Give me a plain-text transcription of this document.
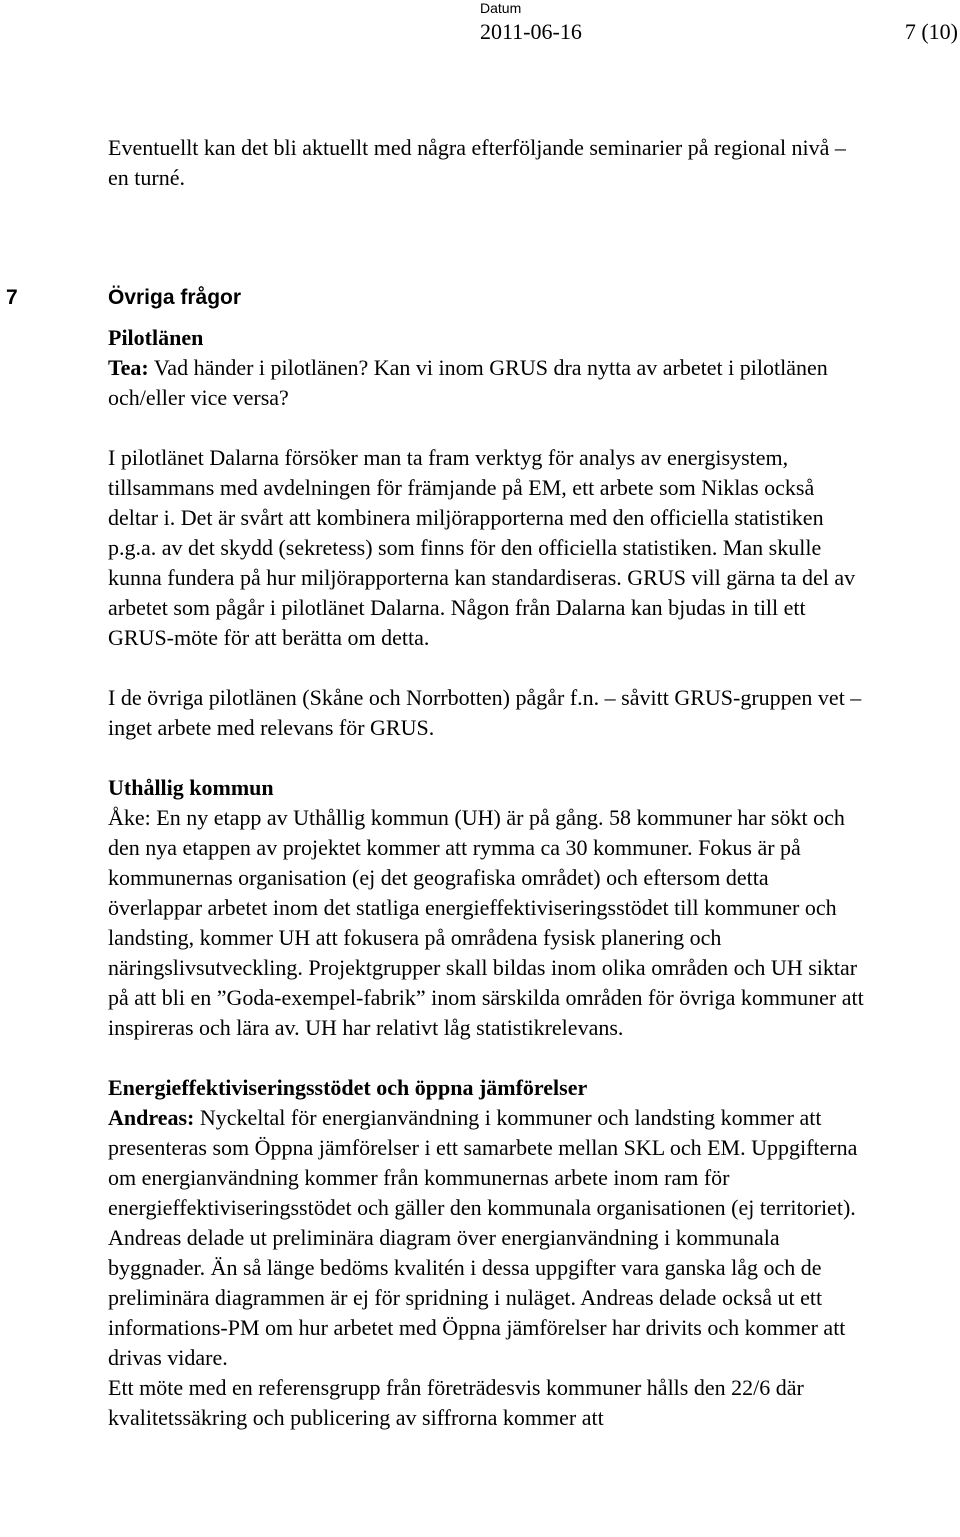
Datum
2011-06-16	7 (10)

Eventuellt kan det bli aktuellt med några efterföljande seminarier på regional nivå – en turné.

7	Övriga frågor

Pilotlänen

Tea: Vad händer i pilotlänen? Kan vi inom GRUS dra nytta av arbetet i pilotlänen och/eller vice versa?

I pilotlänet Dalarna försöker man ta fram verktyg för analys av energisystem, tillsammans med avdelningen för främjande på EM, ett arbete som Niklas också deltar i. Det är svårt att kombinera miljörapporterna med den officiella statistiken p.g.a. av det skydd (sekretess) som finns för den officiella statistiken. Man skulle kunna fundera på hur miljörapporterna kan standardiseras. GRUS vill gärna ta del av arbetet som pågår i pilotlänet Dalarna. Någon från Dalarna kan bjudas in till ett GRUS-möte för att berätta om detta.

I de övriga pilotlänen (Skåne och Norrbotten) pågår f.n. – såvitt GRUS-gruppen vet – inget arbete med relevans för GRUS.

Uthållig kommun

Åke: En ny etapp av Uthållig kommun (UH) är på gång. 58 kommuner har sökt och den nya etappen av projektet kommer att rymma ca 30 kommuner. Fokus är på kommunernas organisation (ej det geografiska området) och eftersom detta överlappar arbetet inom det statliga energieffektiviseringsstödet till kommuner och landsting, kommer UH att fokusera på områdena fysisk planering och näringslivsutveckling. Projektgrupper skall bildas inom olika områden och UH siktar på att bli en ”Goda-exempel-fabrik” inom särskilda områden för övriga kommuner att inspireras och lära av. UH har relativt låg statistikrelevans.

Energieffektiviseringsstödet och öppna jämförelser

Andreas: Nyckeltal för energianvändning i kommuner och landsting kommer att presenteras som Öppna jämförelser i ett samarbete mellan SKL och EM. Uppgifterna om energianvändning kommer från kommunernas arbete inom ram för energieffektiviseringsstödet och gäller den kommunala organisationen (ej territoriet). Andreas delade ut preliminära diagram över energianvändning i kommunala byggnader. Än så länge bedöms kvalitén i dessa uppgifter vara ganska låg och de preliminära diagrammen är ej för spridning i nuläget. Andreas delade också ut ett informations-PM om hur arbetet med Öppna jämförelser har drivits och kommer att drivas vidare.

Ett möte med en referensgrupp från företrädesvis kommuner hålls den 22/6 där kvalitetssäkring och publicering av siffrorna kommer att
